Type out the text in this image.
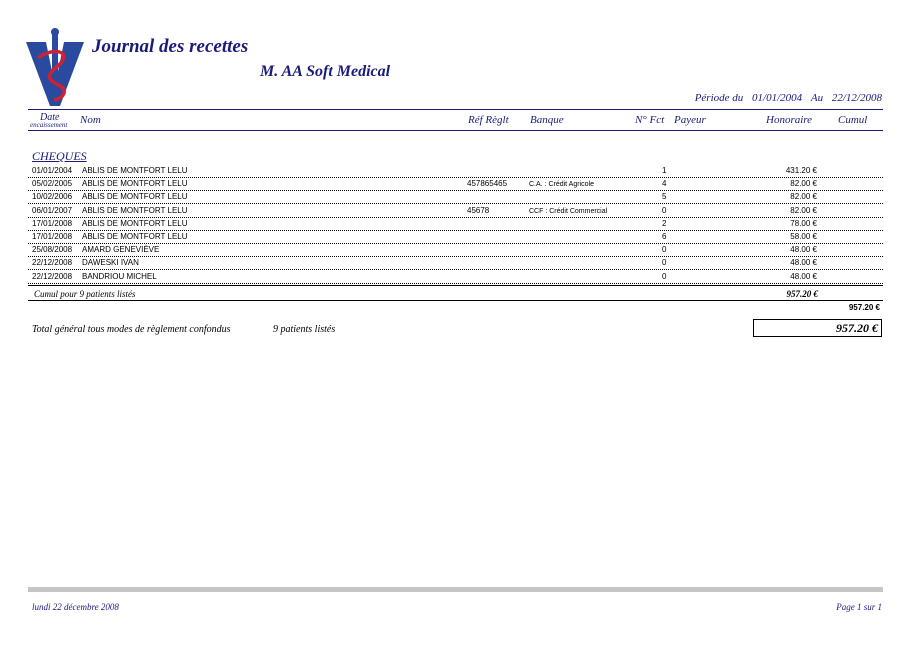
Journal des recettes
M. AA Soft Medical
Période du 01/01/2004 Au 22/12/2008
Date
encaissement Nom	Réf Règlt Banque	N° Fct Payeur	Honoraire Cumul
CHEQUES
01/01/2004 ABLIS DE MONTFORT LELU	1	431.20 €
05/02/2005 ABLIS DE MONTFORT LELU	457865465	C.A. : Crédit Agricole	4	82.00 €
10/02/2006 ABLIS DE MONTFORT LELU	5	82.00 €
06/01/2007 ABLIS DE MONTFORT LELU	45678	CCF : Crédit Commercial	0	82.00 €
17/01/2008 ABLIS DE MONTFORT LELU	2	78.00 €
17/01/2008 ABLIS DE MONTFORT LELU	6	58.00 €
25/08/2008 AMARD GENEVIÈVE	0	48.00 €
22/12/2008 DAWESKI IVAN	0	48.00 €
22/12/2008 BANDRIOU MICHEL	0	48.00 €
Cumul pour 9 patients listés	957.20 €
957.20 €
Total général tous modes de règlement confondus	9 patients listés	957.20 €
lundi 22 décembre 2008	Page 1 sur 1
